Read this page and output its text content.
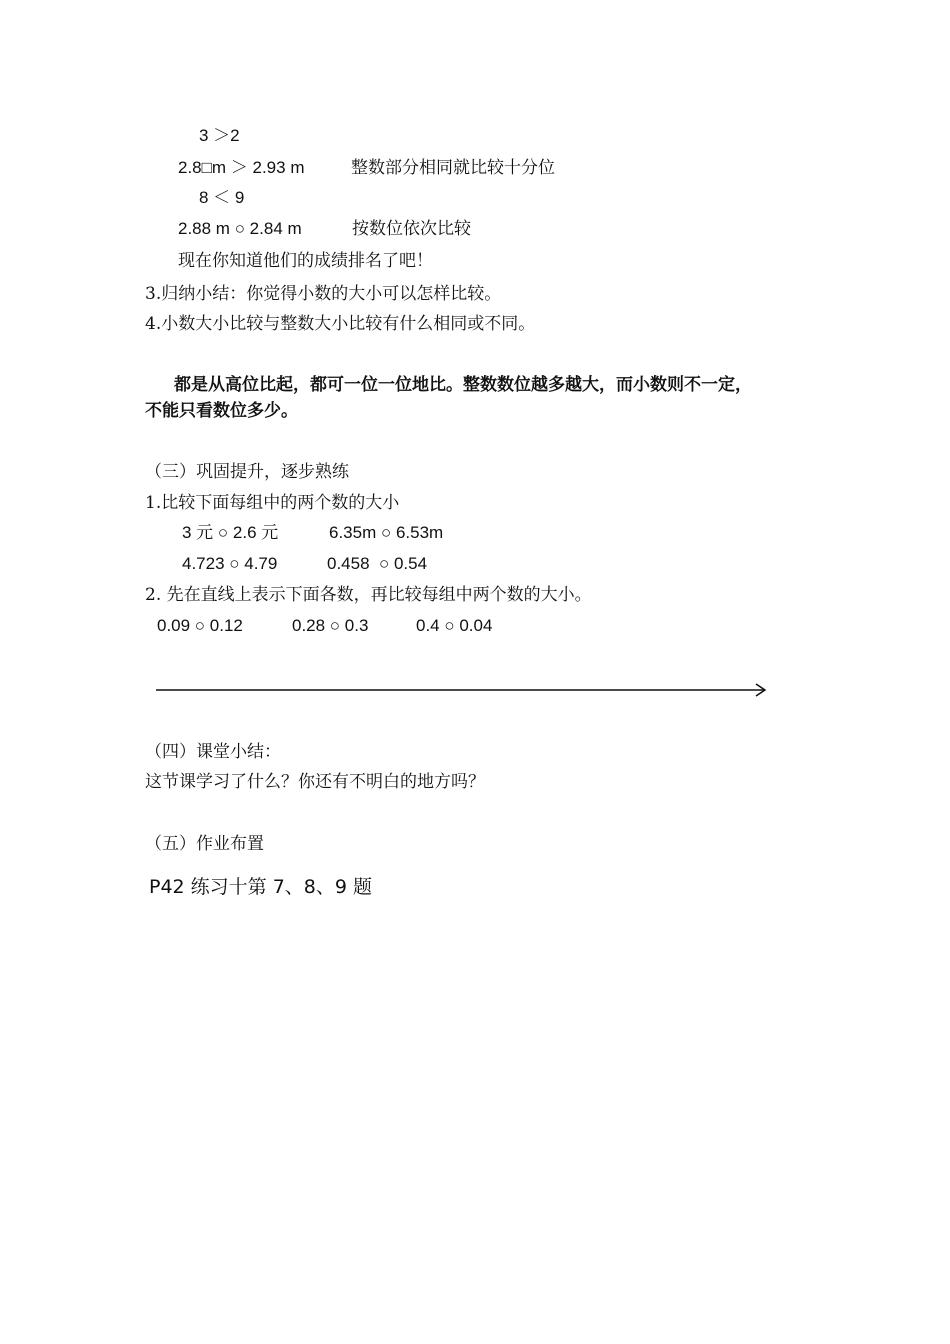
3 ＞2
2.8□m ＞ 2.93 m	整数部分相同就比较十分位
8 ＜ 9
2.88 m ○ 2.84 m	按数位依次比较
现在你知道他们的成绩排名了吧！
3.归纳小结：你觉得小数的大小可以怎样比较。
4.小数大小比较与整数大小比较有什么相同或不同。
都是从高位比起，都可一位一位地比。整数数位越多越大，而小数则不一定，
不能只看数位多少。
（三）巩固提升，逐步熟练
1.比较下面每组中的两个数的大小
3 元 ○ 2.6 元	6.35m ○ 6.53m
4.723 ○ 4.79	0.458  ○ 0.54
2. 先在直线上表示下面各数，再比较每组中两个数的大小。
0.09 ○ 0.12	0.28 ○ 0.3	0.4 ○ 0.04
（四）课堂小结：
这节课学习了什么？你还有不明白的地方吗？
（五）作业布置
P42 练习十第 7、8、9 题
